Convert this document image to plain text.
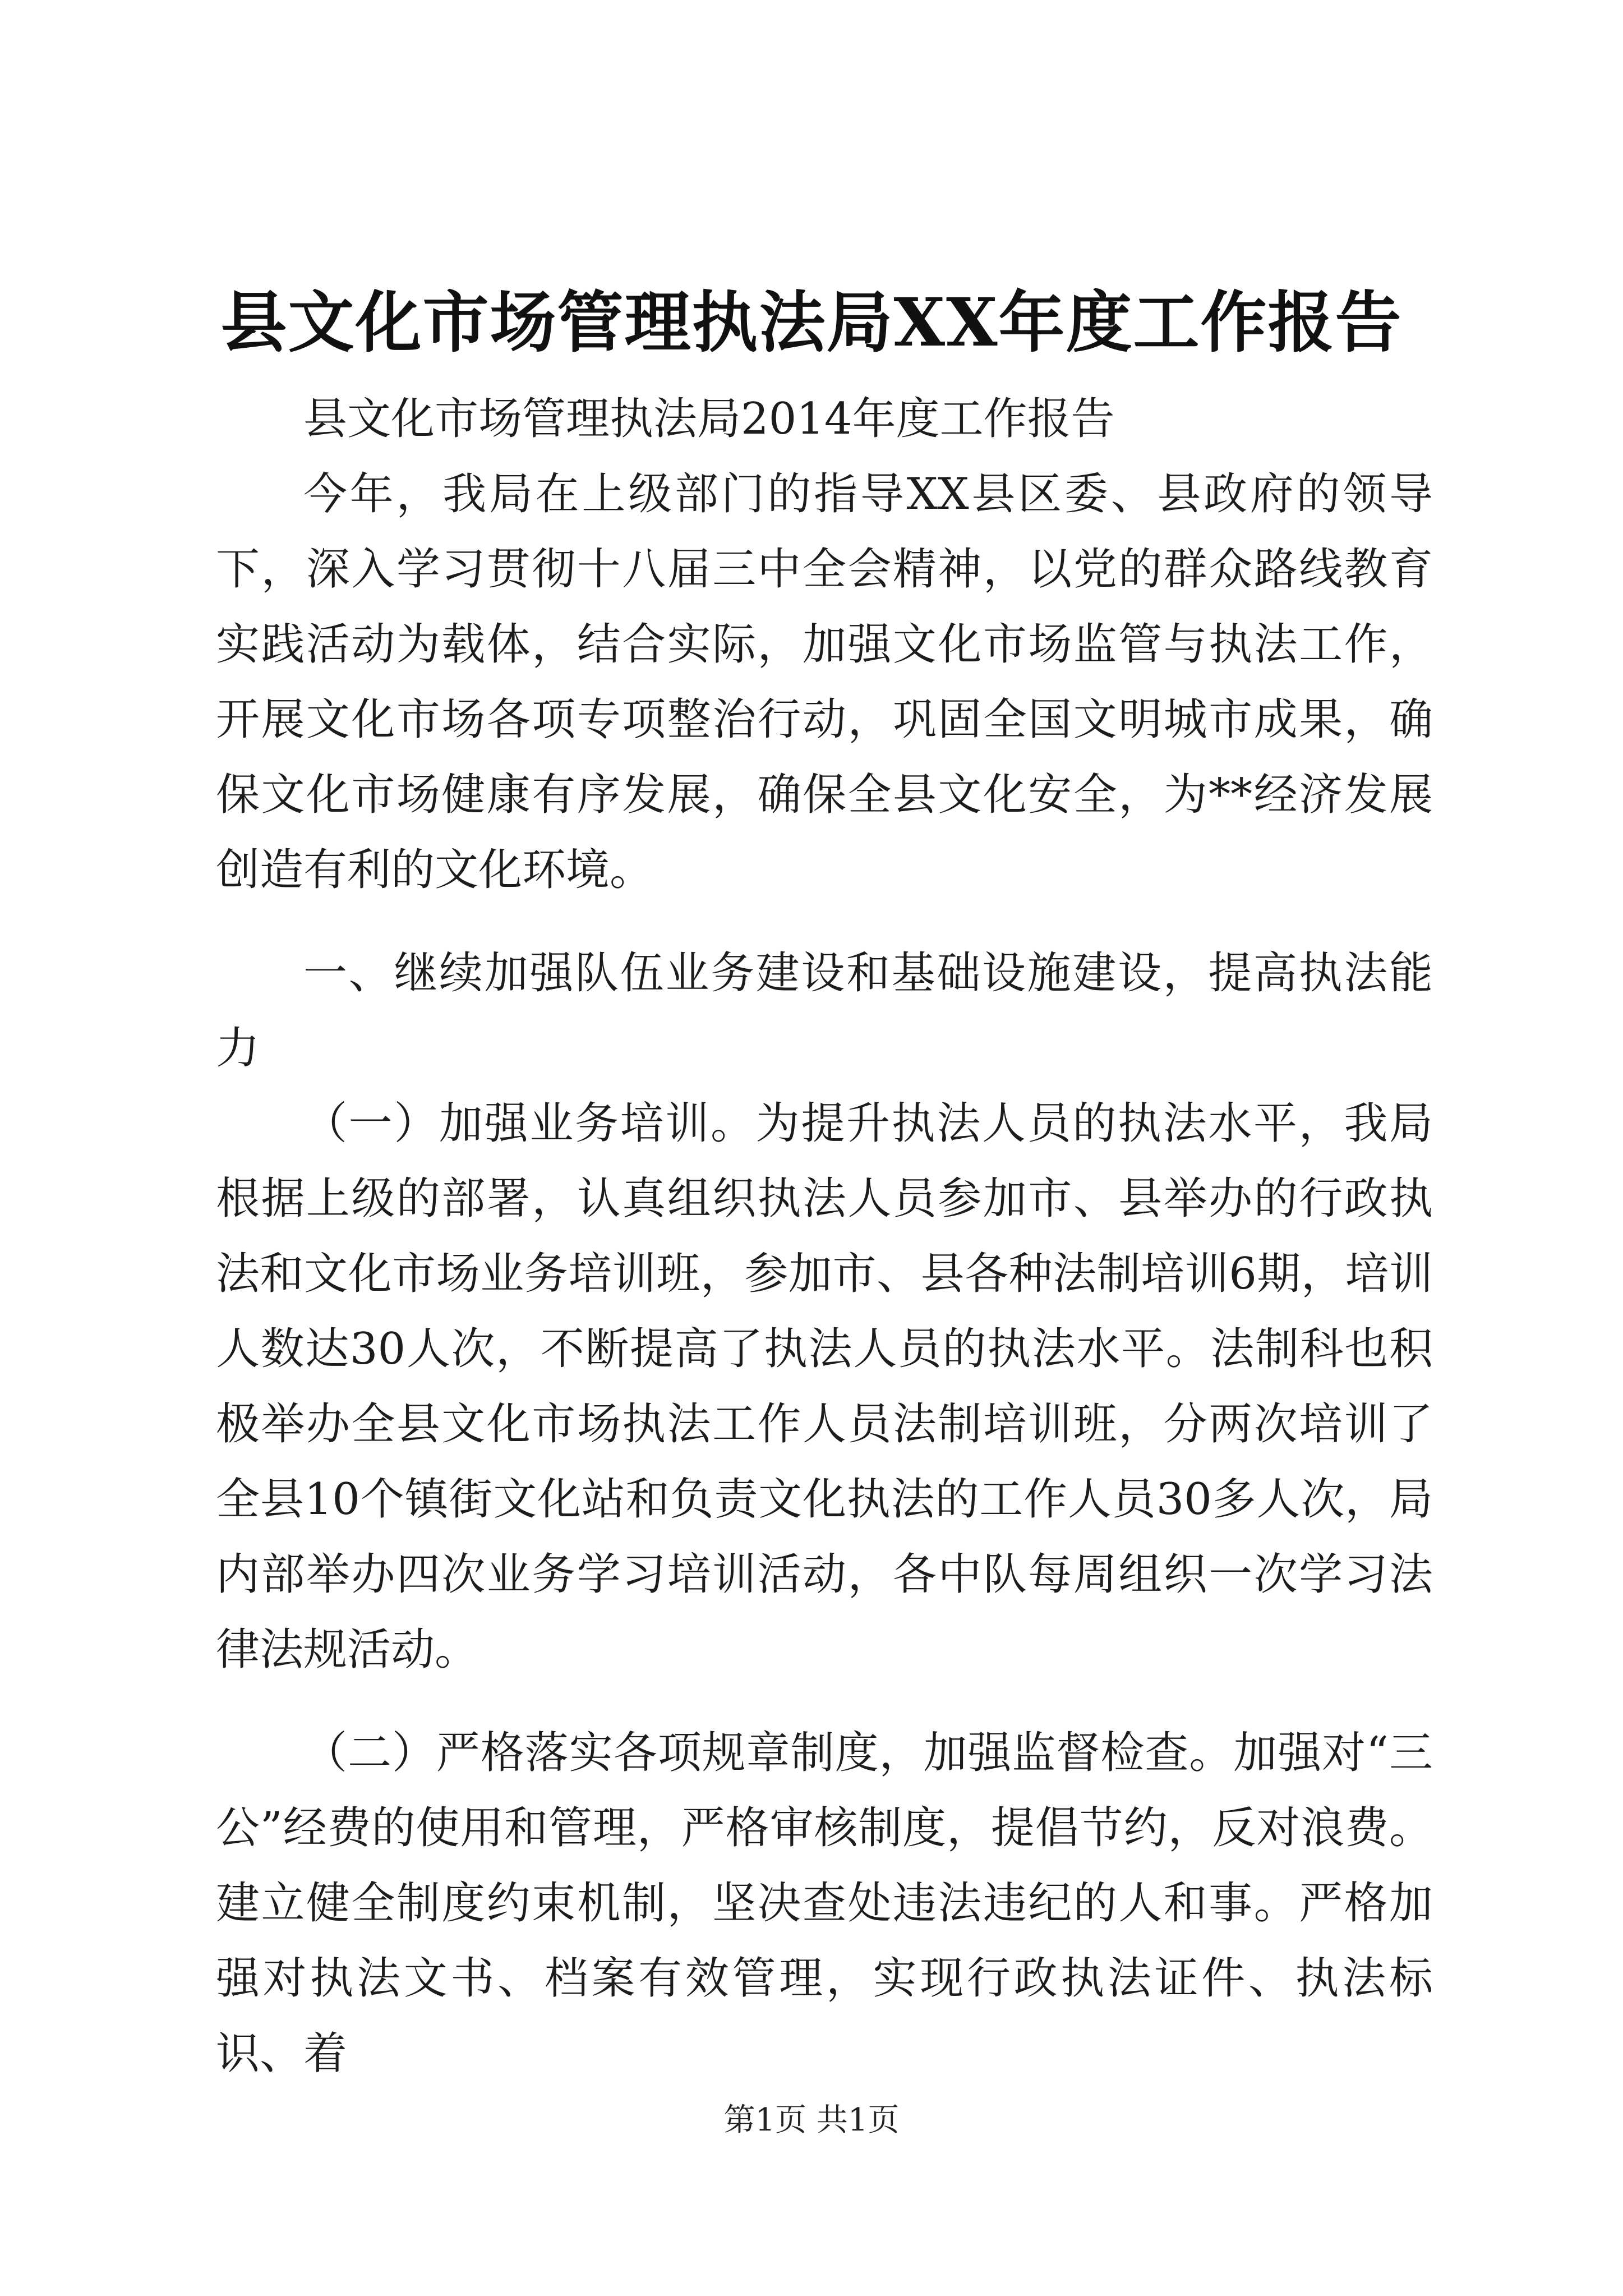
县文化市场管理执法局XX年度工作报告

县文化市场管理执法局2014年度工作报告

今年，我局在上级部门的指导XX县区委、县政府的领导下，深入学习贯彻十八届三中全会精神，以党的群众路线教育实践活动为载体，结合实际，加强文化市场监管与执法工作，开展文化市场各项专项整治行动，巩固全国文明城市成果，确保文化市场健康有序发展，确保全县文化安全，为**经济发展创造有利的文化环境。

一、继续加强队伍业务建设和基础设施建设，提高执法能力

（一）加强业务培训。为提升执法人员的执法水平，我局根据上级的部署，认真组织执法人员参加市、县举办的行政执法和文化市场业务培训班，参加市、县各种法制培训6期，培训人数达30人次，不断提高了执法人员的执法水平。法制科也积极举办全县文化市场执法工作人员法制培训班，分两次培训了全县10个镇街文化站和负责文化执法的工作人员30多人次，局内部举办四次业务学习培训活动，各中队每周组织一次学习法律法规活动。

（二）严格落实各项规章制度，加强监督检查。加强对“三公”经费的使用和管理，严格审核制度，提倡节约，反对浪费。建立健全制度约束机制，坚决查处违法违纪的人和事。严格加强对执法文书、档案有效管理，实现行政执法证件、执法标识、着

第1页 共1页
